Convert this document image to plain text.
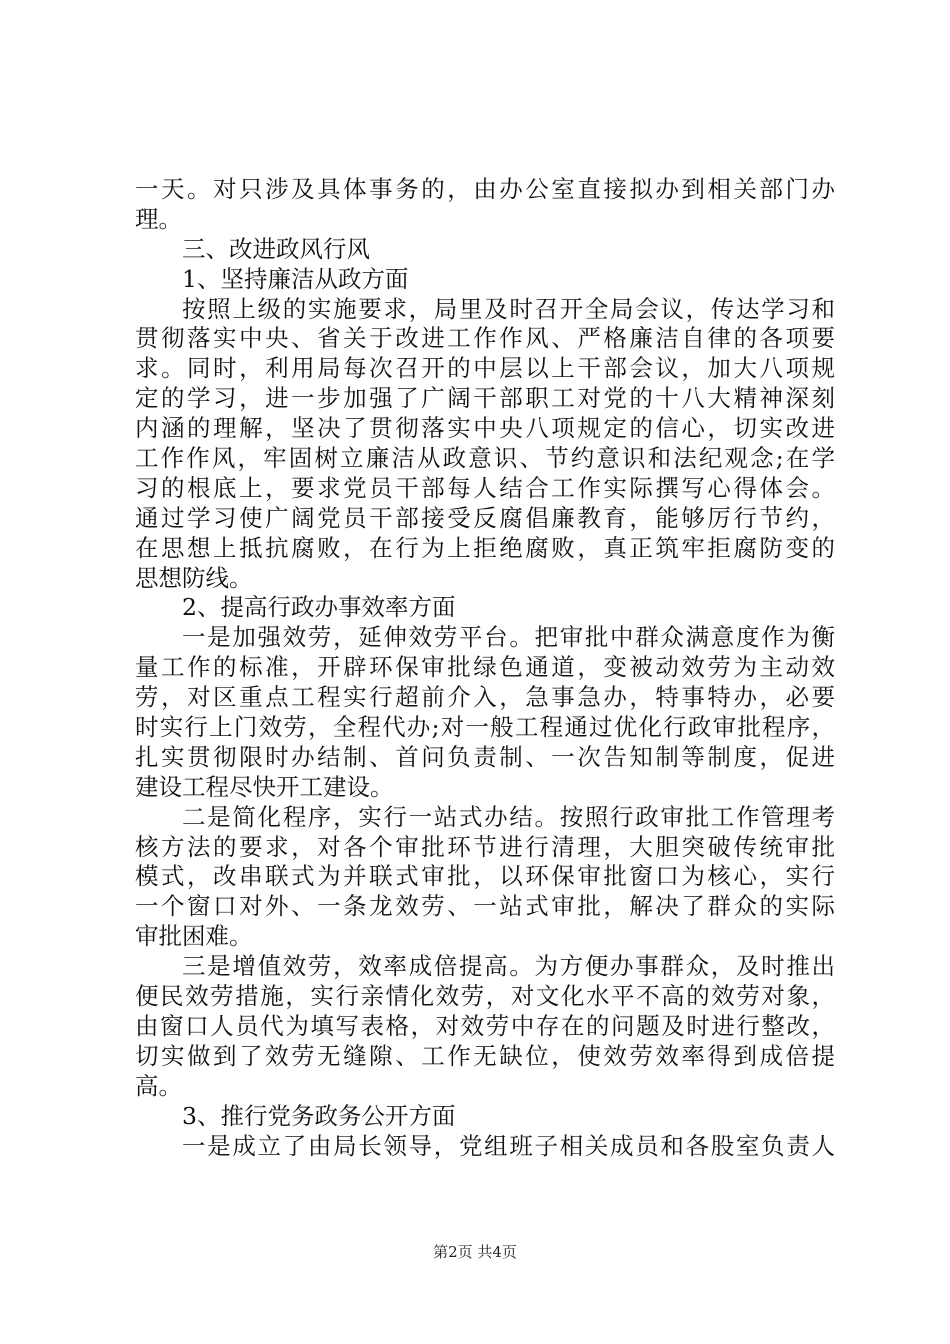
一天。对只涉及具体事务的，由办公室直接拟办到相关部门办
理。
三、改进政风行风
1、坚持廉洁从政方面
按照上级的实施要求，局里及时召开全局会议，传达学习和
贯彻落实中央、省关于改进工作作风、严格廉洁自律的各项要
求。同时，利用局每次召开的中层以上干部会议，加大八项规
定的学习，进一步加强了广阔干部职工对党的十八大精神深刻
内涵的理解，坚决了贯彻落实中央八项规定的信心，切实改进
工作作风，牢固树立廉洁从政意识、节约意识和法纪观念;在学
习的根底上，要求党员干部每人结合工作实际撰写心得体会。
通过学习使广阔党员干部接受反腐倡廉教育，能够厉行节约，
在思想上抵抗腐败，在行为上拒绝腐败，真正筑牢拒腐防变的
思想防线。
2、提高行政办事效率方面
一是加强效劳，延伸效劳平台。把审批中群众满意度作为衡
量工作的标准，开辟环保审批绿色通道，变被动效劳为主动效
劳，对区重点工程实行超前介入，急事急办，特事特办，必要
时实行上门效劳，全程代办;对一般工程通过优化行政审批程序，
扎实贯彻限时办结制、首问负责制、一次告知制等制度，促进
建设工程尽快开工建设。
二是简化程序，实行一站式办结。按照行政审批工作管理考
核方法的要求，对各个审批环节进行清理，大胆突破传统审批
模式，改串联式为并联式审批，以环保审批窗口为核心，实行
一个窗口对外、一条龙效劳、一站式审批，解决了群众的实际
审批困难。
三是增值效劳，效率成倍提高。为方便办事群众，及时推出
便民效劳措施，实行亲情化效劳，对文化水平不高的效劳对象，
由窗口人员代为填写表格，对效劳中存在的问题及时进行整改，
切实做到了效劳无缝隙、工作无缺位，使效劳效率得到成倍提
高。
3、推行党务政务公开方面
一是成立了由局长领导，党组班子相关成员和各股室负责人
第2页 共4页
